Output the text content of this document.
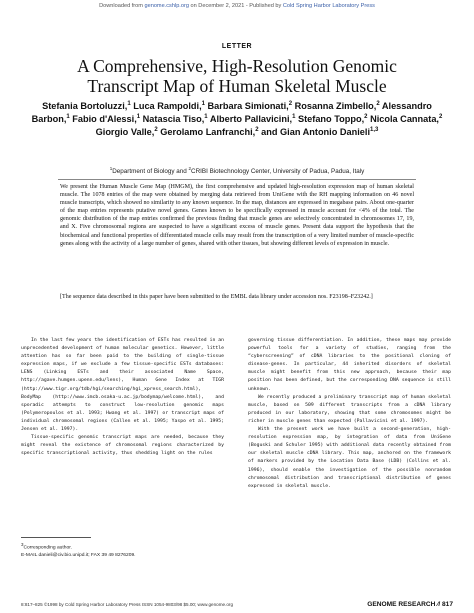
Downloaded from genome.cshlp.org on December 2, 2021 - Published by Cold Spring Harbor Laboratory Press
LETTER
A Comprehensive, High-Resolution Genomic
Transcript Map of Human Skeletal Muscle
Stefania Bortoluzzi,$^1$ Luca Rampoldi,$^1$ Barbara Simionati,$^2$ Rosanna Zimbello,$^2$ Alessandro Barbon,$^1$ Fabio d'Alessi,$^1$ Natascia Tiso,$^1$ Alberto Pallavicini,$^1$ Stefano Toppo,$^2$ Nicola Cannata,$^2$ Giorgio Valle,$^2$ Gerolamo Lanfranchi,$^2$ and Gian Antonio Danieli$^{1,3}$
$^1$Department of Biology and $^2$CRIBI Biotechnology Center, University of Padua, Padua, Italy
We present the Human Muscle Gene Map (HMGM), the first comprehensive and updated high-resolution expression map of human skeletal muscle. The 1078 entries of the map were obtained by merging data retrieved from UniGene with the RH mapping information on 46 novel muscle transcripts, which showed no similarity to any known sequence. In the map, distances are expressed in megabase pairs. About one-quarter of the map entries represents putative novel genes. Genes known to be specifically expressed in muscle account for <4% of the total. The genomic distribution of the map entries confirmed the previous finding that muscle genes are selectively concentrated in chromosomes 17, 19, and X. Five chromosomal regions are suspected to have a significant excess of muscle genes. Present data support the hypothesis that the biochemical and functional properties of differentiated muscle cells may result from the transcription of a very limited number of muscle-specific genes along with the activity of a large number of genes, shared with other tissues, but showing different levels of expression in muscle.
[The sequence data described in this paper have been submitted to the EMBL data library under accession nos. F23198–F23242.]

In the last few years the identification of ESTs has resulted in an unprecedented development of human molecular genetics. However, little attention has so far been paid to the building of single-tissue expression maps, if we exclude a few tissue-specific ESTs databases: LENS (Linking ESTs and their associated Name Space, http://agave.humgen.upenn.edu/lens), Human Gene Index at TIGR (http://www.tigr.org/tdb/hgi/searching/hgi_xpress_search.html), BodyMap (http://www.imcb.osaka-u.ac.jp/bodymap/welcome.html), and sporadic attempts to construct low-resolution genomic maps (Polymeropoulos et al. 1993; Hwang et al. 1997) or transcript maps of individual chromosomal regions (Callen et al. 1995; Yaspo et al. 1995; Jensen et al. 1997).

Tissue-specific genomic transcript maps are needed, because they might reveal the existence of chromosomal regions characterized by specific transcriptional activity, thus shedding light on the rules

governing tissue differentiation. In addition, these maps may provide powerful tools for a variety of studies, ranging from the “cyberscreening” of cDNA libraries to the positional cloning of disease-genes. In particular, 44 inherited disorders of skeletal muscle might benefit from this new approach, because their map position has been defined, but the corresponding DNA sequence is still unknown.

We recently produced a preliminary transcript map of human skeletal muscle, based on 509 different transcripts from a cDNA library produced in our laboratory, showing that some chromosomes might be richer in muscle genes than expected (Pallavicini et al. 1997).

With the present work we have built a second-generation, high-resolution expression map, by integration of data from UniGene (Boguski and Schuler 1995) with additional data recently obtained from our skeletal muscle cDNA library. This map, anchored on the framework of markers provided by the Location Data Base (LDB) (Collins et al. 1996), should enable the investigation of the possible nonrandom chromosomal distribution and transcriptional distribution of genes expressed in skeletal muscle.

$^3$Corresponding author.
E-MAIL danieli@civ.bio.unipd.it; FAX 39 49 8276209.
8:817–825 ©1998 by Cold Spring Harbor Laboratory Press ISSN 1054-9803/98 $5.00; www.genome.org	GENOME RESEARCH ⁄/ 817
